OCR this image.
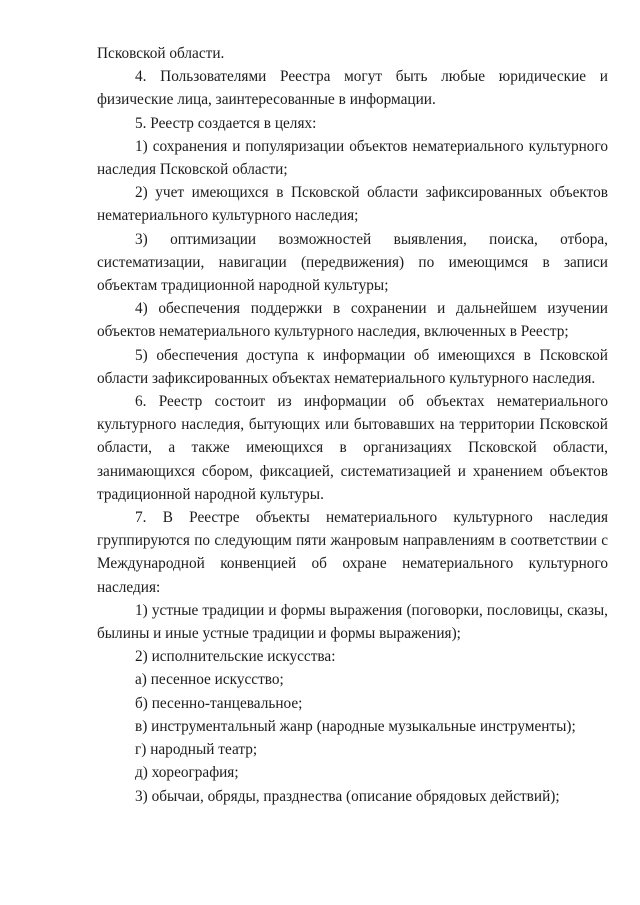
Псковской области.

4. Пользователями Реестра могут быть любые юридические и физические лица, заинтересованные в информации.

5. Реестр создается в целях:

1) сохранения и популяризации объектов нематериального культурного наследия Псковской области;

2) учет имеющихся в Псковской области зафиксированных объектов нематериального культурного наследия;

3) оптимизации возможностей выявления, поиска, отбора, систематизации, навигации (передвижения) по имеющимся в записи объектам традиционной народной культуры;

4) обеспечения поддержки в сохранении и дальнейшем изучении объектов нематериального культурного наследия, включенных в Реестр;

5) обеспечения доступа к информации об имеющихся в Псковской области зафиксированных объектах нематериального культурного наследия.

6. Реестр состоит из информации об объектах нематериального культурного наследия, бытующих или бытовавших на территории Псковской области, а также имеющихся в организациях Псковской области, занимающихся сбором, фиксацией, систематизацией и хранением объектов традиционной народной культуры.

7. В Реестре объекты нематериального культурного наследия группируются по следующим пяти жанровым направлениям в соответствии с Международной конвенцией об охране нематериального культурного наследия:

1) устные традиции и формы выражения (поговорки, пословицы, сказы, былины и иные устные традиции и формы выражения);

2) исполнительские искусства:

а) песенное искусство;

б) песенно-танцевальное;

в) инструментальный жанр (народные музыкальные инструменты);

г) народный театр;

д) хореография;

3) обычаи, обряды, празднества (описание обрядовых действий);
